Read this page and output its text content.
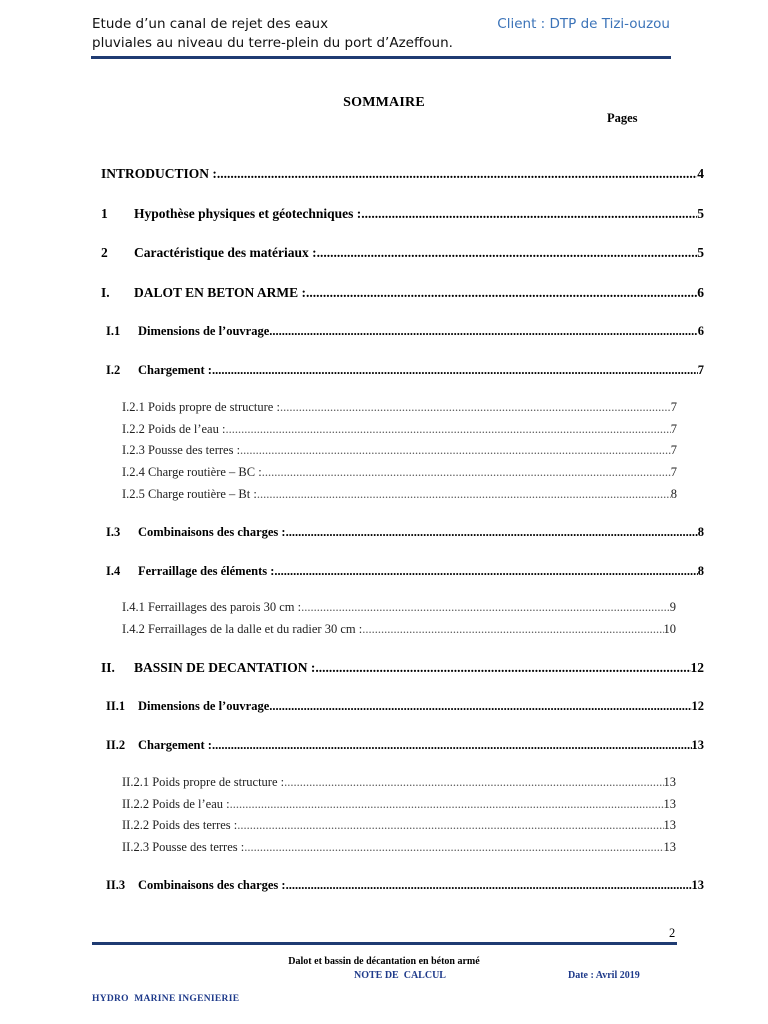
Etude d’un canal de rejet des eaux
pluviales au niveau du terre-plein du port d’Azeffoun.
Client : DTP de Tizi-ouzou
SOMMAIRE
Pages
INTRODUCTION : .....	4
1	Hypothèse physiques et géotechniques : .....	5
2	Caractéristique des matériaux : .....	5
I.	DALOT EN BETON ARME : .....	6
I.1	Dimensions de l’ouvrage .....	6
I.2	Chargement : .....	7
I.2.1 Poids propre de structure : .....	7
I.2.2 Poids de l’eau : .....	7
I.2.3 Pousse des terres : .....	7
I.2.4 Charge routière – BC : .....	7
I.2.5 Charge routière – Bt : .....	8
I.3	Combinaisons des charges : .....	8
I.4	Ferraillage des éléments : .....	8
I.4.1 Ferraillages des parois 30 cm : .....	9
I.4.2 Ferraillages de la dalle et du radier 30 cm : .....	10
II.	BASSIN DE DECANTATION : .....	12
II.1	Dimensions de l’ouvrage .....	12
II.2	Chargement : .....	13
II.2.1 Poids propre de structure : .....	13
II.2.2 Poids de l’eau : .....	13
II.2.2 Poids des terres : .....	13
II.2.3 Pousse des terres : .....	13
II.3	Combinaisons des charges : .....	13
2
Dalot et bassin de décantation en béton armé
NOTE DE  CALCUL	Date : Avril 2019
HYDRO  MARINE INGENIERIE
